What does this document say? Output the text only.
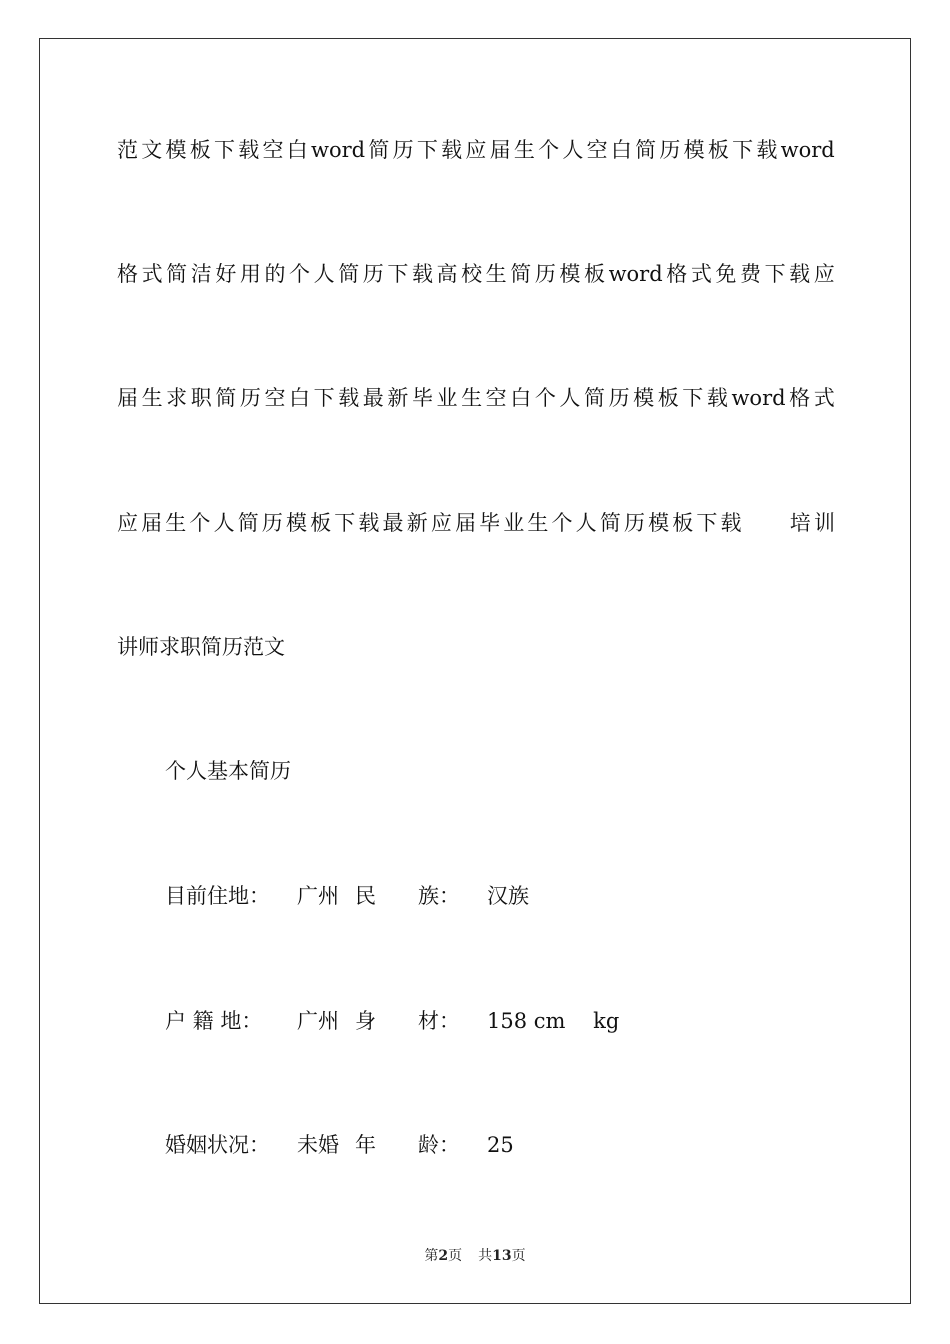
范 文 模 板 下 载 空 白 word 简 历 下 载 应 届 生 个 人 空 白 简 历 模 板 下 载 word
格 式 简 洁 好 用 的 个 人 简 历 下 载 高 校 生 简 历 模 板 word 格 式 免 费 下 载 应
届 生 求 职 简 历 空 白 下 载 最 新 毕 业 生 空 白 个 人 简 历 模 板 下 载 word 格 式
应 届 生 个 人 简 历 模 板 下 载 最 新 应 届 毕 业 生 个 人 简 历 模 板 下 载
　　 培 训
讲师求职简历范文
个人基本简历
目前住地： 广州 民　　族： 汉族
户 籍 地： 广州 身　　材： 158 cm　 kg
婚姻状况： 未婚 年　　龄： 25
第2页 共13页
